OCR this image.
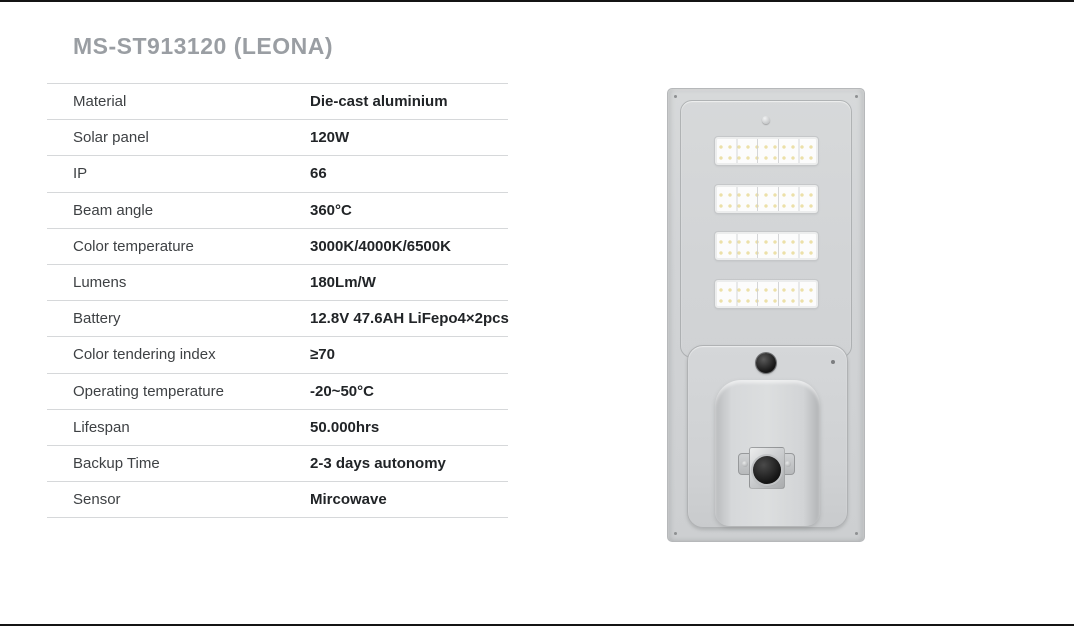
MS-ST913120 (LEONA)
Material	Die-cast aluminium
Solar panel	120W
IP	66
Beam angle	360°C
Color temperature	3000K/4000K/6500K
Lumens	180Lm/W
Battery	12.8V 47.6AH LiFepo4×2pcs
Color tendering index	≥70
Operating temperature	-20~50°C
Lifespan	50.000hrs
Backup Time	2-3 days autonomy
Sensor	Mircowave
